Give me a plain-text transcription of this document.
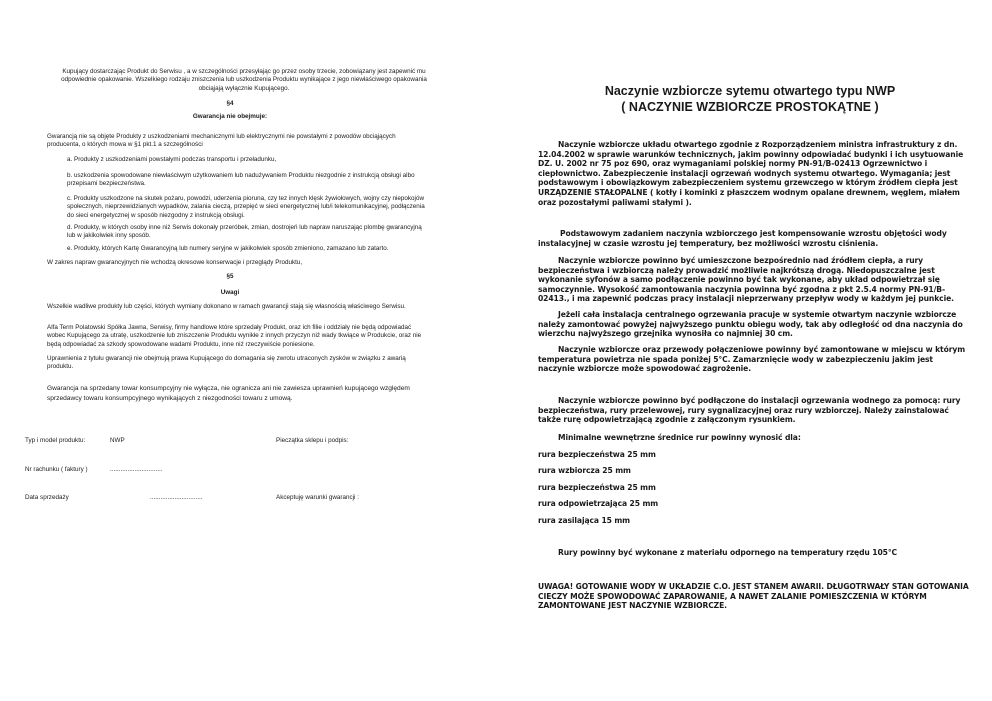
Kupujący dostarczając Produkt do Serwisu , a w szczególności przesyłając go przez osoby trzecie, zobowiązany jest zapewnić mu odpowiednie opakowanie. Wszelkiego rodzaju zniszczenia lub uszkodzenia Produktu wynikające z jego niewłaściwego opakowania obciąjają wyłącznie Kupującego.

§4

Gwarancja nie obejmuje:

Gwarancją nie są objęte Produkty z uszkodzeniami mechanicznymi lub elektrycznymi nie powstałymi z powodów obciąjących producenta, o których mowa w §1 pkt.1 a szczególności

a. Produkty z uszkodzeniami powstałymi podczas transportu i przeładunku,

b. uszkodzenia spowodowane niewłaściwym użytkowaniem lub nadużywaniem Produktu niezgodnie z instrukcją obsługi albo przepisami bezpieczeństwa.

c. Produkty uszkodzone na skutek pożaru, powodzi, uderzenia pioruna, czy tez innych klęsk żywiołowych, wojny czy niepokojów społecznych, nieprzewidzianych wypadków, zalania cieczą, przepięć w sieci energetycznej lub/i telekomunikacyjnej, podłączenia do sieci energetycznej w sposób niezgodny z instrukcją obsługi.

d. Produkty, w których osoby inne niż Serwis dokonały przeróbek, zmian, dostrojeń lub napraw naruszając plombę gwarancyjną lub w jakikolwiek inny sposób.

e. Produkty, których Kartę Gwarancyjną lub numery seryjne w jakikolwiek sposób zmieniono, zamazano lub zatarto.

W zakres napraw gwarancyjnych nie wchodzą okresowe konserwacje i przeglądy Produktu,

§5

Uwagi

Wszelkie wadliwe produkty lub części, których wymiany dokonano w ramach gwarancji stają się własnością właściwego Serwisu.

Alfa Term Polatowski Spółka Jawna, Serwisy, firmy handlowe które sprzedały Produkt, oraz ich filie i oddziały nie będą odpowiadać wobec Kupującego za utratę, uszkodzenie lub zniszczenie Produktu wynikłe z innych przyczyn niż wady tkwiące w Produkcie, oraz nie będą odpowiadać za szkody spowodowane wadami Produktu, inne niż rzeczywiście poniesione.

Uprawnienia z tytułu gwarancji nie obejmują prawa Kupującego do domagania się zwrotu utraconych zysków w związku z awarią produktu.

Gwarancja na sprzedany towar konsumpcyjny nie wyłącza, nie ogranicza ani nie zawiesza uprawnień kupującego względem sprzedawcy towaru konsumpcyjnego wynikających z niezgodności towaru z umową.

Typ i model produktu:	NWP	Pieczątka sklepu i podpis:
Nr rachunku ( faktury )	..............................
Data sprzedaży	..............................	Akceptuję warunki gwarancji :

Naczynie wzbiorcze sytemu otwartego typu NWP

( NACZYNIE WZBIORCZE PROSTOKĄTNE )

Naczynie wzbiorcze układu otwartego zgodnie z Rozporządzeniem ministra infrastruktury z dn. 12.04.2002 w sprawie warunków technicznych, jakim powinny odpowiadać budynki i ich usytuowanie DZ. U. 2002 nr 75 poz 690, oraz wymaganiami polskiej normy PN-91/B-02413 Ogrzewnictwo i ciepłownictwo. Zabezpieczenie instalacji ogrzewań wodnych systemu otwartego. Wymagania; jest podstawowym i obowiązkowym zabezpieczeniem systemu grzewczego w którym źródłem ciepła jest URZĄDZENIE STAŁOPALNE ( kotły i kominki z płaszczem wodnym opalane drewnem, węglem, miałem oraz pozostałymi paliwami stałymi ).

Podstawowym zadaniem naczynia wzbiorczego jest kompensowanie wzrostu objętości wody instalacyjnej w czasie wzrostu jej temperatury, bez możliwości wzrostu ciśnienia.

Naczynie wzbiorcze powinno być umieszczone bezpośrednio nad źródłem ciepła, a rury bezpieczeństwa i wzbiorczą należy prowadzić możliwie najkrótszą drogą. Niedopuszczalne jest wykonanie syfonów a samo podłączenie powinno być tak wykonane, aby układ odpowietrzał się samoczynnie. Wysokość zamontowania naczynia powinna być zgodna z pkt 2.5.4 normy PN-91/B-02413., i ma zapewnić podczas pracy instalacji nieprzerwany przepływ wody w każdym jej punkcie.

Jeżeli cała instalacja centralnego ogrzewania pracuje w systemie otwartym naczynie wzbiorcze należy zamontować powyżej najwyższego punktu obiegu wody, tak aby odległość od dna naczynia do wierzchu najwyższego grzejnika wynosiła co najmniej 30 cm.

Naczynie wzbiorcze oraz przewody połączeniowe powinny być zamontowane w miejscu w którym temperatura powietrza nie spada poniżej 5°C. Zamarznięcie wody w zabezpieczeniu jakim jest naczynie wzbiorcze może spowodować zagrożenie.

Naczynie wzbiorcze powinno być podłączone do instalacji ogrzewania wodnego za pomocą: rury bezpieczeństwa, rury przelewowej, rury sygnalizacyjnej oraz rury wzbiorczej. Należy zainstalować także rurę odpowietrzającą zgodnie z załączonym rysunkiem.

Minimalne wewnętrzne średnice rur powinny wynosić dla:

rura bezpieczeństwa 25 mm

rura wzbiorcza 25 mm

rura bezpieczeństwa 25 mm

rura odpowietrzająca 25 mm

rura zasilająca 15 mm

Rury powinny być wykonane z materiału odpornego na temperatury rzędu 105°C

UWAGA! GOTOWANIE WODY W UKŁADZIE C.O. JEST STANEM AWARII. DŁUGOTRWAŁY STAN GOTOWANIA CIECZY MOŻE SPOWODOWAĆ ZAPAROWANIE, A NAWET ZALANIE POMIESZCZENIA W KTÓRYM ZAMONTOWANE JEST NACZYNIE WZBIORCZE.
